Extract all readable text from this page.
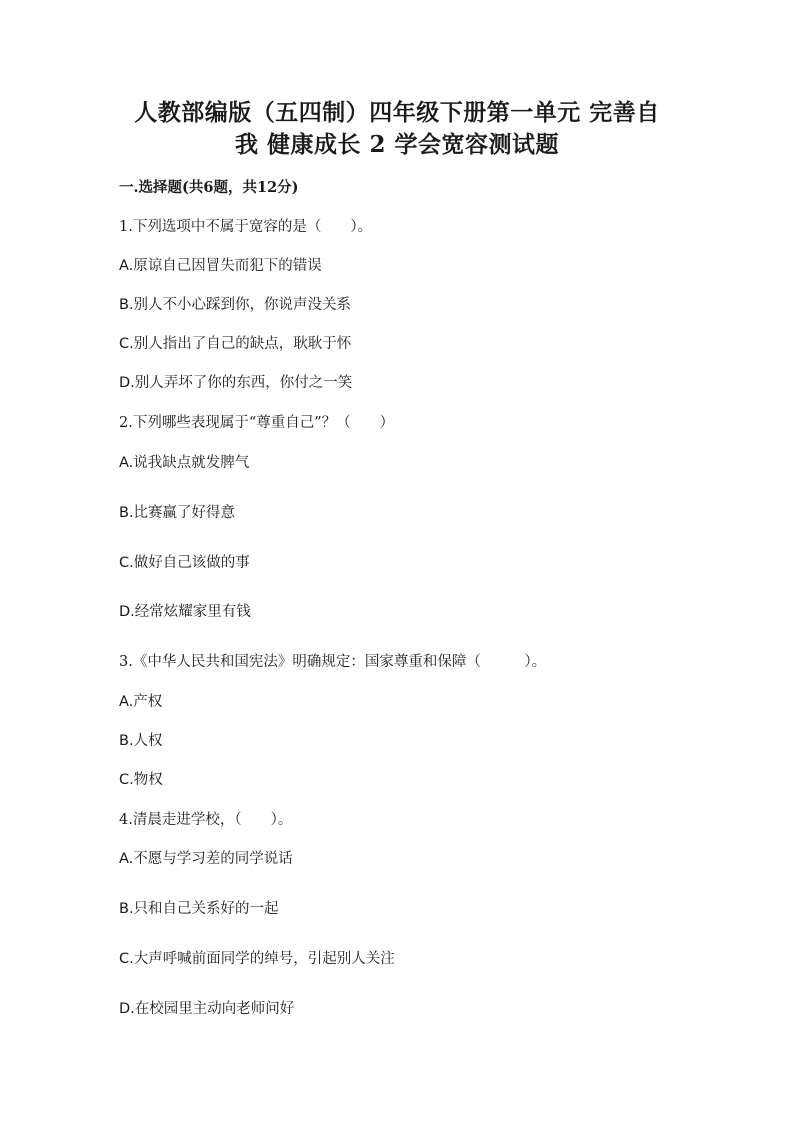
人教部编版（五四制）四年级下册第一单元 完善自
我 健康成长 2 学会宽容测试题
一.选择题(共6题，共12分)
1.下列选项中不属于宽容的是（　　）。
A.原谅自己因冒失而犯下的错误
B.别人不小心踩到你，你说声没关系
C.别人指出了自己的缺点，耿耿于怀
D.别人弄坏了你的东西，你付之一笑
2.下列哪些表现属于“尊重自己”？（　　）
A.说我缺点就发脾气
B.比赛赢了好得意
C.做好自己该做的事
D.经常炫耀家里有钱
3.《中华人民共和国宪法》明确规定：国家尊重和保障（　　　）。
A.产权
B.人权
C.物权
4.清晨走进学校，（　　）。
A.不愿与学习差的同学说话
B.只和自己关系好的一起
C.大声呼喊前面同学的绰号，引起别人关注
D.在校园里主动向老师问好
